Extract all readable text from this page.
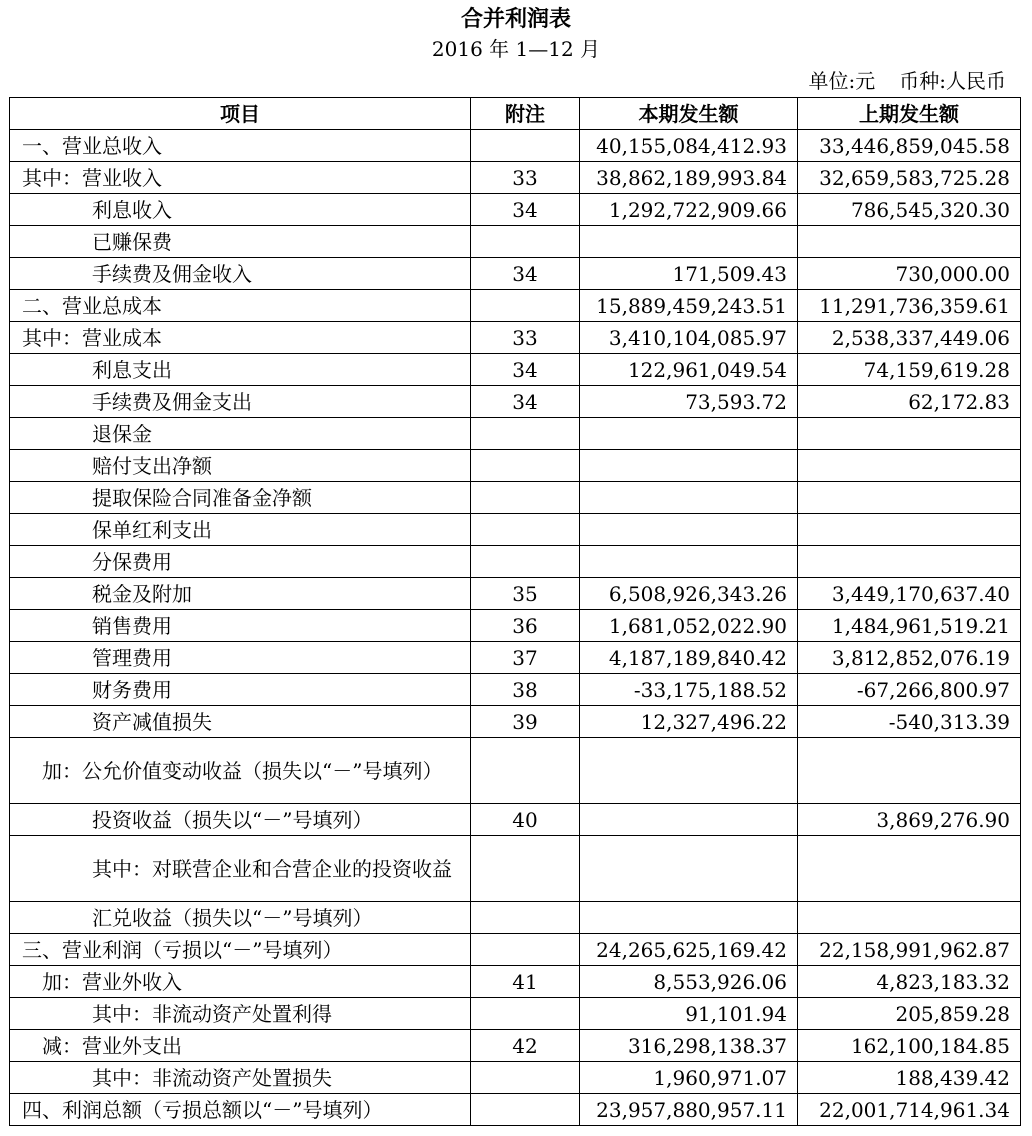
合并利润表
2016 年 1—12 月
单位:元 币种:人民币
项目	附注	本期发生额	上期发生额
一、营业总收入		40,155,084,412.93	33,446,859,045.58
其中：营业收入	33	38,862,189,993.84	32,659,583,725.28
利息收入	34	1,292,722,909.66	786,545,320.30
已赚保费			
手续费及佣金收入	34	171,509.43	730,000.00
二、营业总成本		15,889,459,243.51	11,291,736,359.61
其中：营业成本	33	3,410,104,085.97	2,538,337,449.06
利息支出	34	122,961,049.54	74,159,619.28
手续费及佣金支出	34	73,593.72	62,172.83
退保金			
赔付支出净额			
提取保险合同准备金净额			
保单红利支出			
分保费用			
税金及附加	35	6,508,926,343.26	3,449,170,637.40
销售费用	36	1,681,052,022.90	1,484,961,519.21
管理费用	37	4,187,189,840.42	3,812,852,076.19
财务费用	38	-33,175,188.52	-67,266,800.97
资产减值损失	39	12,327,496.22	-540,313.39
加：公允价值变动收益（损失以“－”号填列）			
投资收益（损失以“－”号填列）	40		3,869,276.90
其中：对联营企业和合营企业的投资收益			
汇兑收益（损失以“－”号填列）			
三、营业利润（亏损以“－”号填列）		24,265,625,169.42	22,158,991,962.87
加：营业外收入	41	8,553,926.06	4,823,183.32
其中：非流动资产处置利得		91,101.94	205,859.28
减：营业外支出	42	316,298,138.37	162,100,184.85
其中：非流动资产处置损失		1,960,971.07	188,439.42
四、利润总额（亏损总额以“－”号填列）		23,957,880,957.11	22,001,714,961.34
